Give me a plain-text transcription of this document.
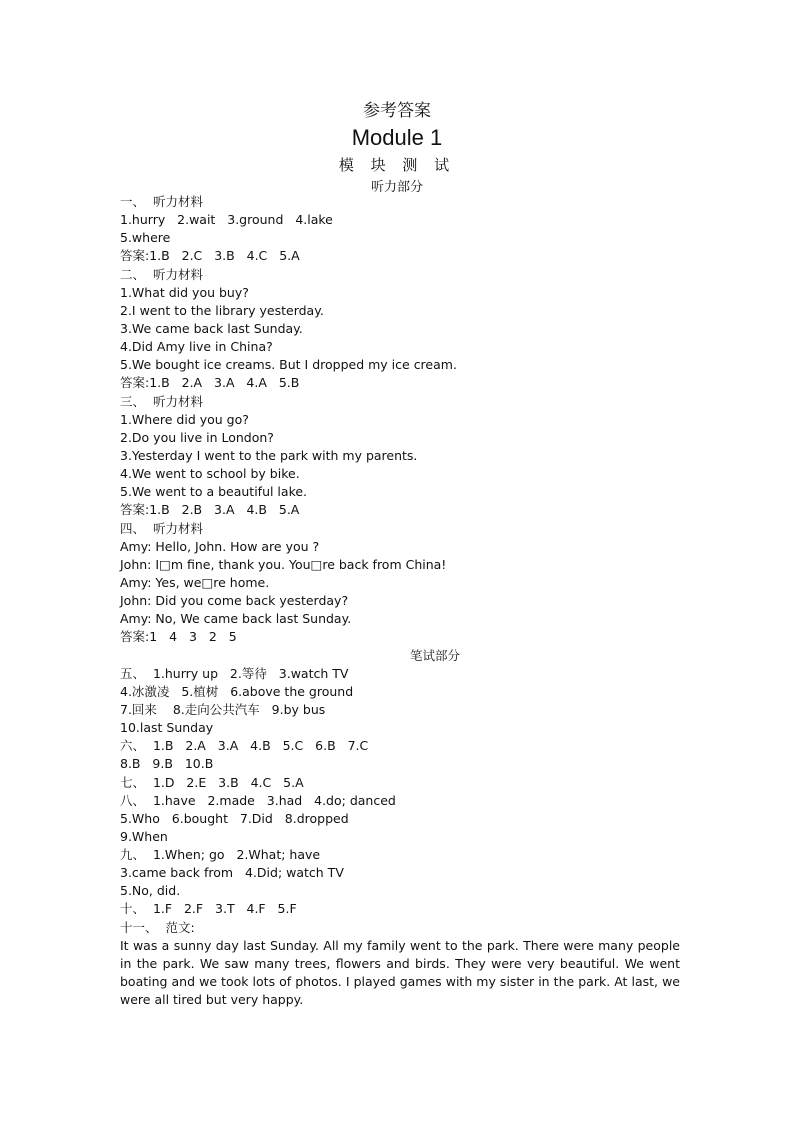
参考答案
Module 1
模 块 测 试
听力部分
一、  听力材料
1.hurry   2.wait   3.ground   4.lake
5.where
答案:1.B   2.C   3.B   4.C   5.A
二、  听力材料
1.What did you buy?
2.I went to the library yesterday.
3.We came back last Sunday.
4.Did Amy live in China?
5.We bought ice creams. But I dropped my ice cream.
答案:1.B   2.A   3.A   4.A   5.B
三、  听力材料
1.Where did you go?
2.Do you live in London?
3.Yesterday I went to the park with my parents.
4.We went to school by bike.
5.We went to a beautiful lake.
答案:1.B   2.B   3.A   4.B   5.A
四、  听力材料
Amy: Hello, John. How are you ?
John: I□m fine, thank you. You□re back from China!
Amy: Yes, we□re home.
John: Did you come back yesterday?
Amy: No, We came back last Sunday.
答案:1   4   3   2   5
笔试部分
五、  1.hurry up   2.等待   3.watch TV
4.冰激凌   5.植树   6.above the ground
7.回来    8.走向公共汽车   9.by bus
10.last Sunday
六、  1.B   2.A   3.A   4.B   5.C   6.B   7.C
8.B   9.B   10.B
七、  1.D   2.E   3.B   4.C   5.A
八、  1.have   2.made   3.had   4.do; danced
5.Who   6.bought   7.Did   8.dropped
9.When
九、  1.When; go   2.What; have
3.came back from   4.Did; watch TV
5.No, did.
十、  1.F   2.F   3.T   4.F   5.F
十一、  范文:

It was a sunny day last Sunday. All my family went to the park. There were many people in the park. We saw many trees, flowers and birds. They were very beautiful. We went boating and we took lots of photos. I played games with my sister in the park. At last, we were all tired but very happy.
